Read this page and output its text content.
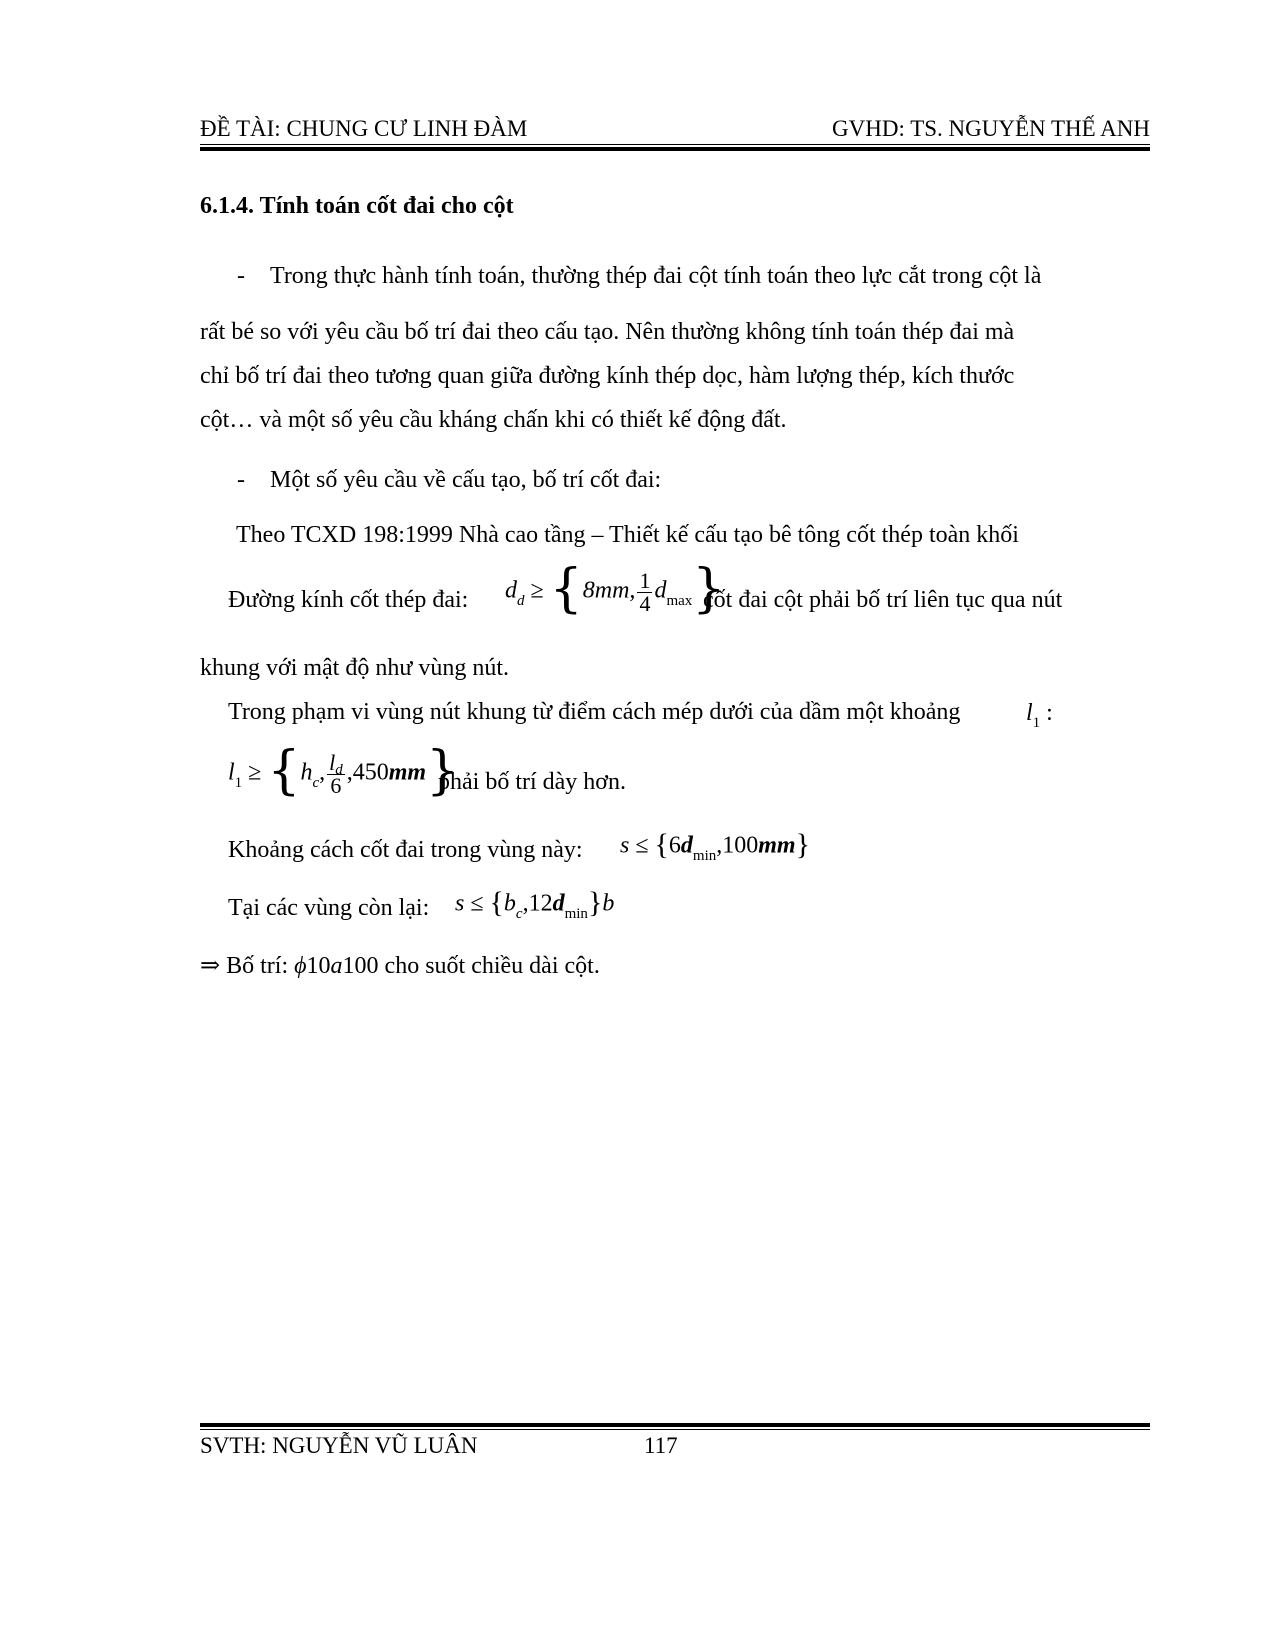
ĐỀ TÀI: CHUNG CƯ LINH ĐÀM	GVHD: TS. NGUYỄN THẾ ANH
6.1.4. Tính toán cốt đai cho cột
- Trong thực hành tính toán, thường thép đai cột tính toán theo lực cắt trong cột là
rất bé so với yêu cầu bố trí đai theo cấu tạo. Nên thường không tính toán thép đai mà
chỉ bố trí đai theo tương quan giữa đường kính thép dọc, hàm lượng thép, kích thước
cột… và một số yêu cầu kháng chấn khi có thiết kế động đất.
- Một số yêu cầu về cấu tạo, bố trí cốt đai:
Theo TCXD 198:1999 Nhà cao tầng – Thiết kế cấu tạo bê tông cốt thép toàn khối
Đường kính cốt thép đai: $d_d \ge \{8mm$, $\frac{1}{4} d_{max}$}
cốt đai cột phải bố trí liên tục qua nút
khung với mật độ như vùng nút.
Trong phạm vi vùng nút khung từ điểm cách mép dưới của dầm một khoảng	$l_1$ :
$l_1 \ge \{h_c$, $\frac{ld}{6} ,450mm$}
phải bố trí dày hơn.
Khoảng cách cốt đai trong vùng này: $s \le \{6d_{min},100mm\}$
Tại các vùng còn lại: $s \le \{b_c,12d_{min}\}b$
⇒ Bố trí: ϕ10a100 cho suốt chiều dài cột.
SVTH: NGUYỄN VŨ LUÂN	117
